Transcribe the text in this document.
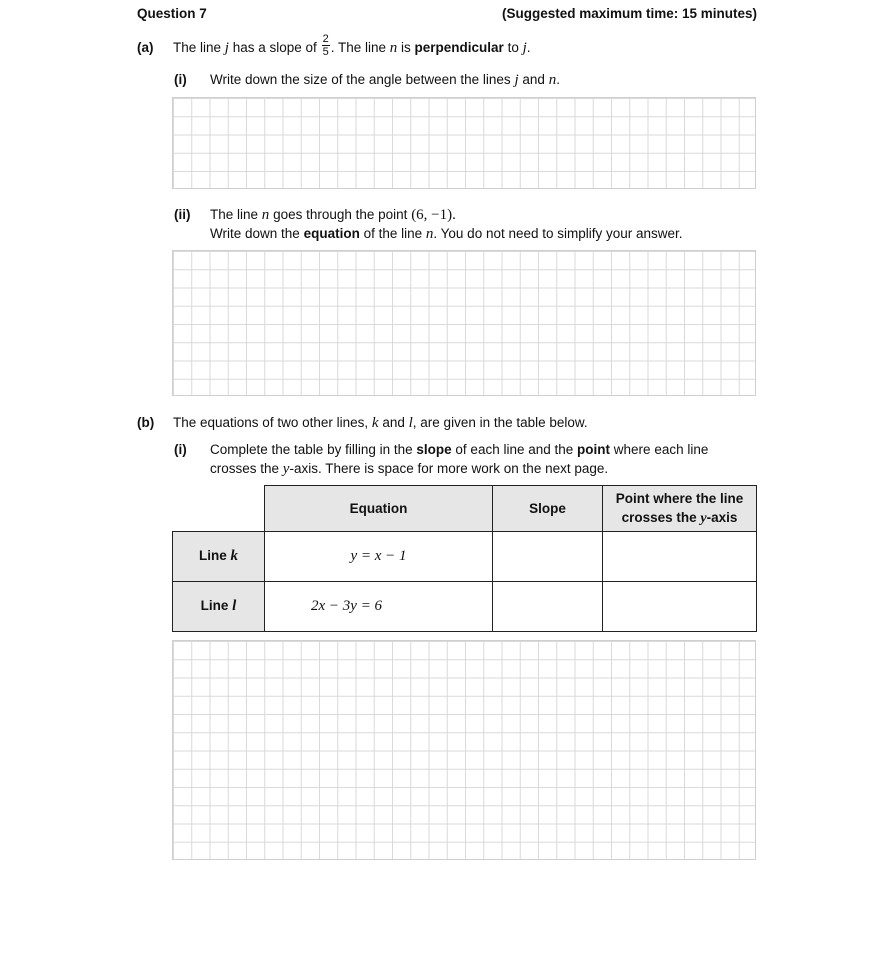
Question 7	(Suggested maximum time: 15 minutes)
(a) The line
j
has a slope of
$\frac{2}{5}$ . The line
n
is
perpendicular
to
j .
(i) Write down the size of the angle between the lines j and n.
(ii) The line n goes through the point (6, −1).
Write down the equation of the line n. You do not need to simplify your answer.
(b) The equations of two other lines, k and l, are given in the table below.
(i) Complete the table by filling in the slope of each line and the point where each line
crosses the y-axis. There is space for more work on the next page.
	Equation	Slope	Point where the line
crosses the y-axis

Line k	y = x − 1		
Line l	2x − 3y = 6		
